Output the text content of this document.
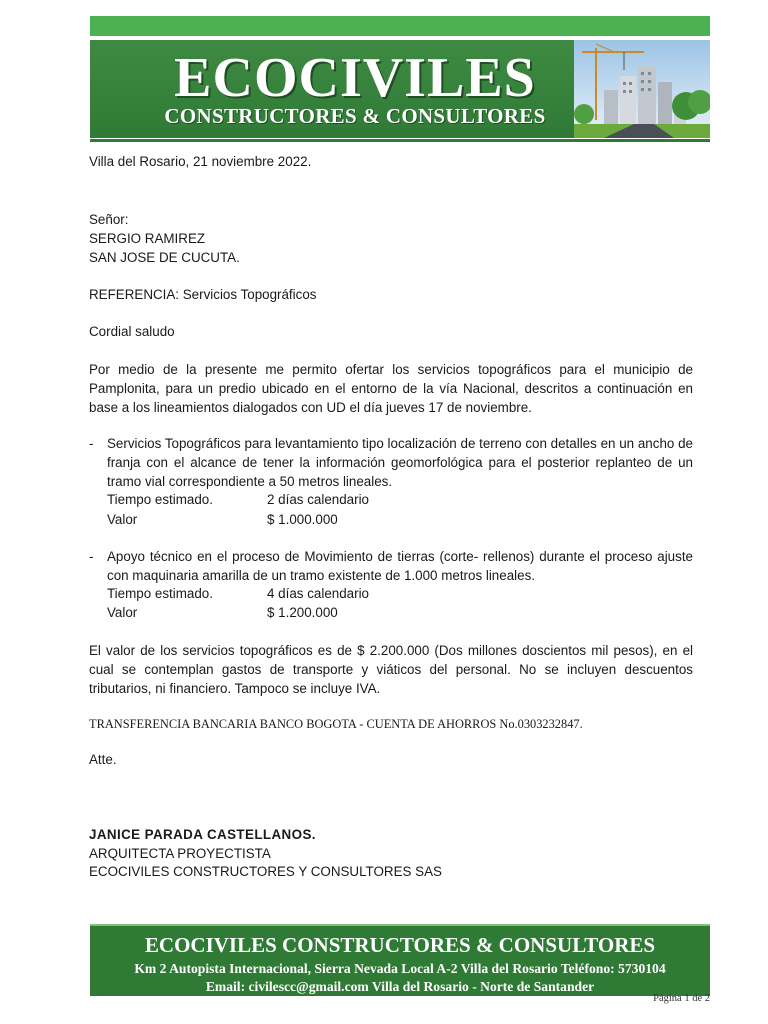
ECOCIVILES
CONSTRUCTORES & CONSULTORES
Villa del Rosario, 21 noviembre 2022.
Señor:
SERGIO RAMIREZ
SAN JOSE DE CUCUTA.
REFERENCIA: Servicios Topográficos
Cordial saludo
Por medio de la presente me permito ofertar los servicios topográficos para el municipio de Pamplonita, para un predio ubicado en el entorno de la vía Nacional, descritos a continuación en base a los lineamientos dialogados con UD el día jueves 17 de noviembre.
- Servicios Topográficos para levantamiento tipo localización de terreno con detalles en un ancho de franja con el alcance de tener la información geomorfológica para el posterior replanteo de un tramo vial correspondiente a 50 metros lineales.
Tiempo estimado.	2 días calendario
Valor	$ 1.000.000
- Apoyo técnico en el proceso de Movimiento de tierras (corte- rellenos) durante el proceso ajuste con maquinaria amarilla de un tramo existente de 1.000 metros lineales.
Tiempo estimado.	4 días calendario
Valor	$ 1.200.000
El valor de los servicios topográficos es de $ 2.200.000 (Dos millones doscientos mil pesos), en el cual se contemplan gastos de transporte y viáticos del personal. No se incluyen descuentos tributarios, ni financiero. Tampoco se incluye IVA.
TRANSFERENCIA BANCARIA BANCO BOGOTA - CUENTA DE AHORROS No.0303232847.
Atte.
JANICE PARADA CASTELLANOS.
ARQUITECTA PROYECTISTA
ECOCIVILES CONSTRUCTORES Y CONSULTORES SAS
ECOCIVILES CONSTRUCTORES & CONSULTORES
Km 2 Autopista Internacional, Sierra Nevada Local A-2 Villa del Rosario Teléfono: 5730104
Email: civilescc@gmail.com Villa del Rosario - Norte de Santander
Página 1 de 2
